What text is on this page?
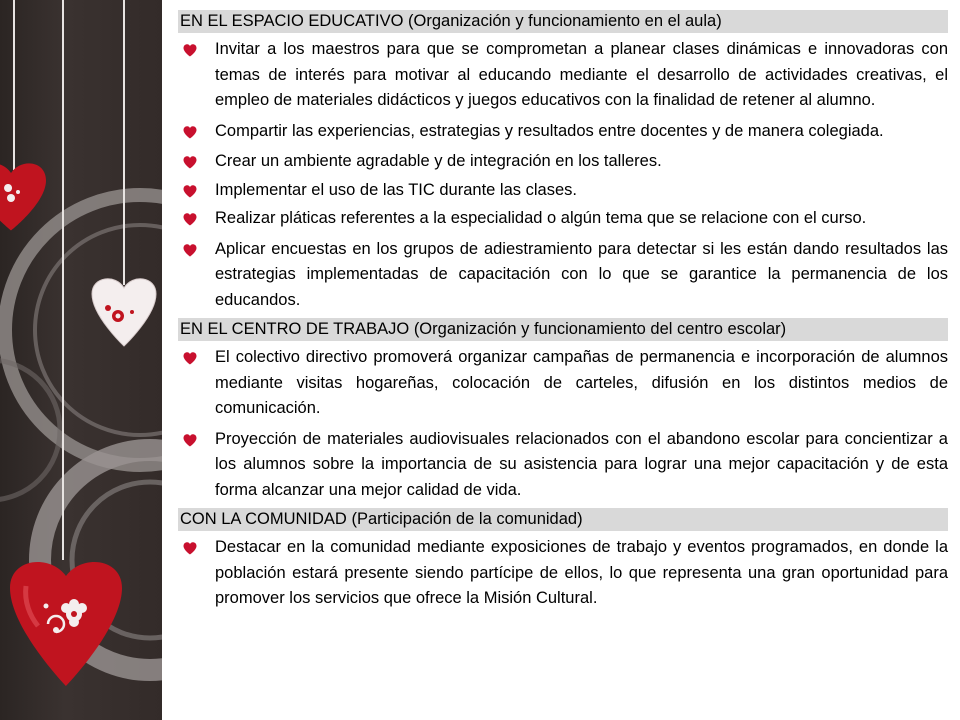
EN EL ESPACIO EDUCATIVO (Organización y funcionamiento en el aula)
Invitar a los maestros para que se comprometan a planear clases dinámicas e innovadoras con temas de interés para motivar al educando mediante el desarrollo de actividades creativas, el empleo de materiales didácticos y juegos educativos con la finalidad de retener al alumno.
Compartir las experiencias, estrategias y resultados entre docentes y de manera colegiada.
Crear un ambiente agradable y de integración en los talleres.
Implementar el uso de las TIC durante las clases.
Realizar pláticas referentes a la especialidad o algún tema que se relacione con el curso.
Aplicar encuestas en los grupos de adiestramiento para detectar si les están dando resultados las estrategias implementadas de capacitación con lo que se garantice la permanencia de los educandos.
EN EL CENTRO DE TRABAJO (Organización y funcionamiento del centro escolar)
El colectivo directivo promoverá organizar campañas de permanencia e incorporación de alumnos mediante visitas hogareñas, colocación de carteles, difusión en los distintos medios de comunicación.
Proyección de materiales audiovisuales relacionados con el abandono escolar para concientizar a los alumnos sobre la importancia de su asistencia para lograr una mejor capacitación y de esta forma alcanzar una mejor calidad de vida.
CON LA COMUNIDAD (Participación de la comunidad)
Destacar en la comunidad mediante exposiciones de trabajo y eventos programados, en donde la población estará presente siendo partícipe de ellos, lo que representa una gran oportunidad para promover los servicios que ofrece la Misión Cultural.
